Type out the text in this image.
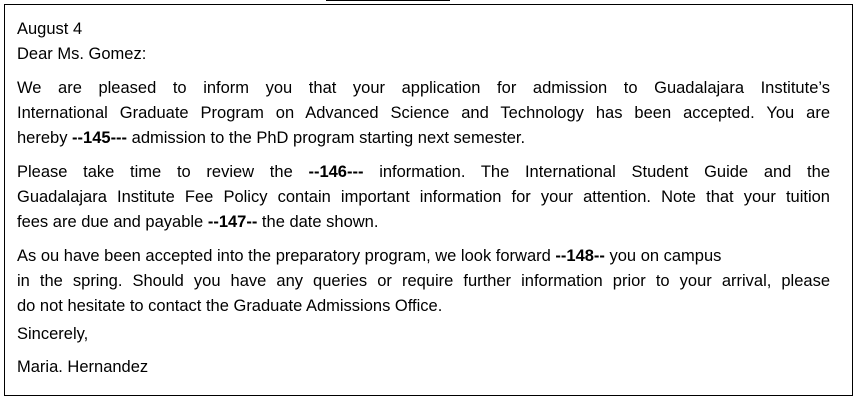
August 4
Dear Ms. Gomez:
We are pleased to inform you that your application for admission to Guadalajara Institute’s
International Graduate Program on Advanced Science and Technology has been accepted. You are
hereby --145--- admission to the PhD program starting next semester.
Please take time to review the --146--- information. The International Student Guide and the
Guadalajara Institute Fee Policy contain important information for your attention. Note that your tuition
fees are due and payable --147-- the date shown.
As ou have been accepted into the preparatory program, we look forward --148-- you on campus
in the spring. Should you have any queries or require further information prior to your arrival, please
do not hesitate to contact the Graduate Admissions Office.
Sincerely,
Maria. Hernandez
